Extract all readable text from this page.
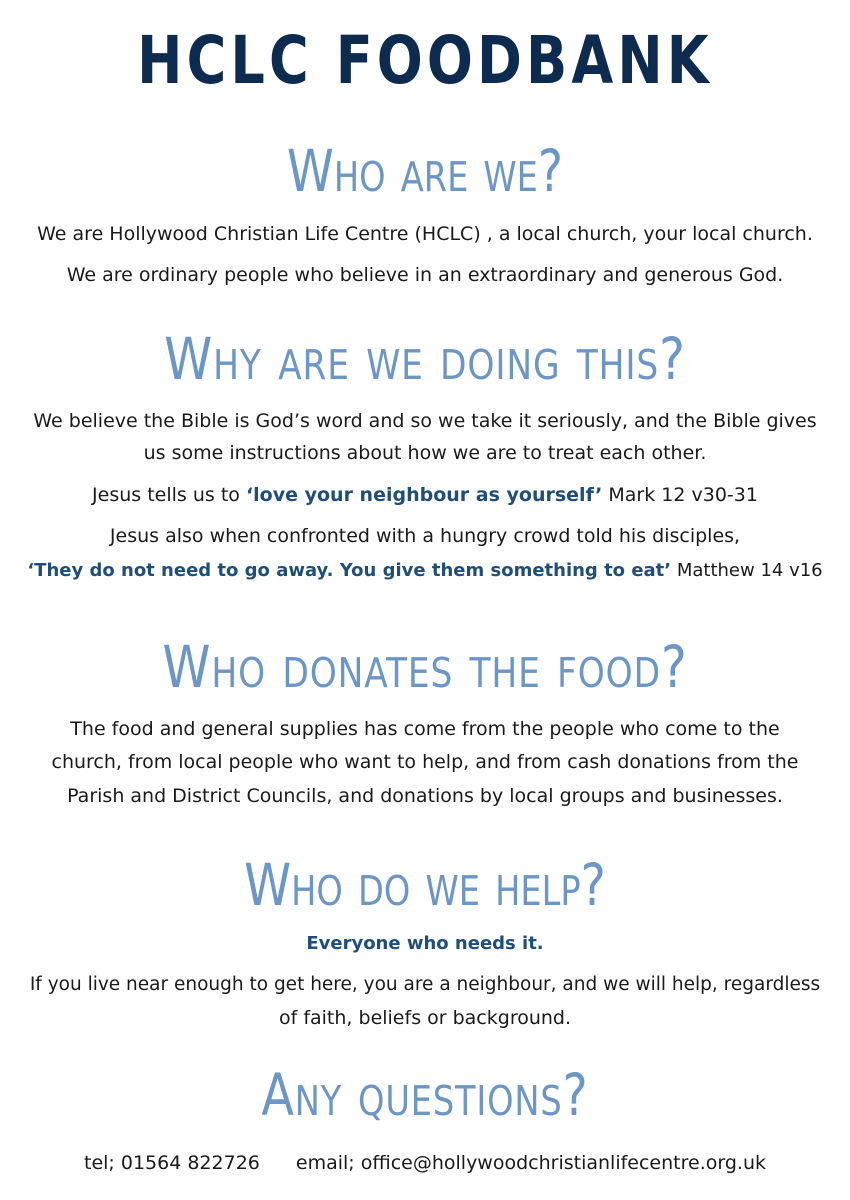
HCLC FOODBANK
Who are we?
We are Hollywood Christian Life Centre (HCLC) , a local church, your local church.
We are ordinary people who believe in an extraordinary and generous God.
Why are we doing this?
We believe the Bible is God’s word and so we take it seriously, and the Bible gives
us some instructions about how we are to treat each other.
Jesus tells us to ‘love your neighbour as yourself’ Mark 12 v30-31
Jesus also when confronted with a hungry crowd told his disciples,
‘They do not need to go away. You give them something to eat’ Matthew 14 v16
Who donates the food?
The food and general supplies has come from the people who come to the
church, from local people who want to help, and from cash donations from the
Parish and District Councils, and donations by local groups and businesses.
Who do we help?
Everyone who needs it.
If you live near enough to get here, you are a neighbour, and we will help, regardless
of faith, beliefs or background.
Any questions?
tel; 01564 822726 email; office@hollywoodchristianlifecentre.org.uk
